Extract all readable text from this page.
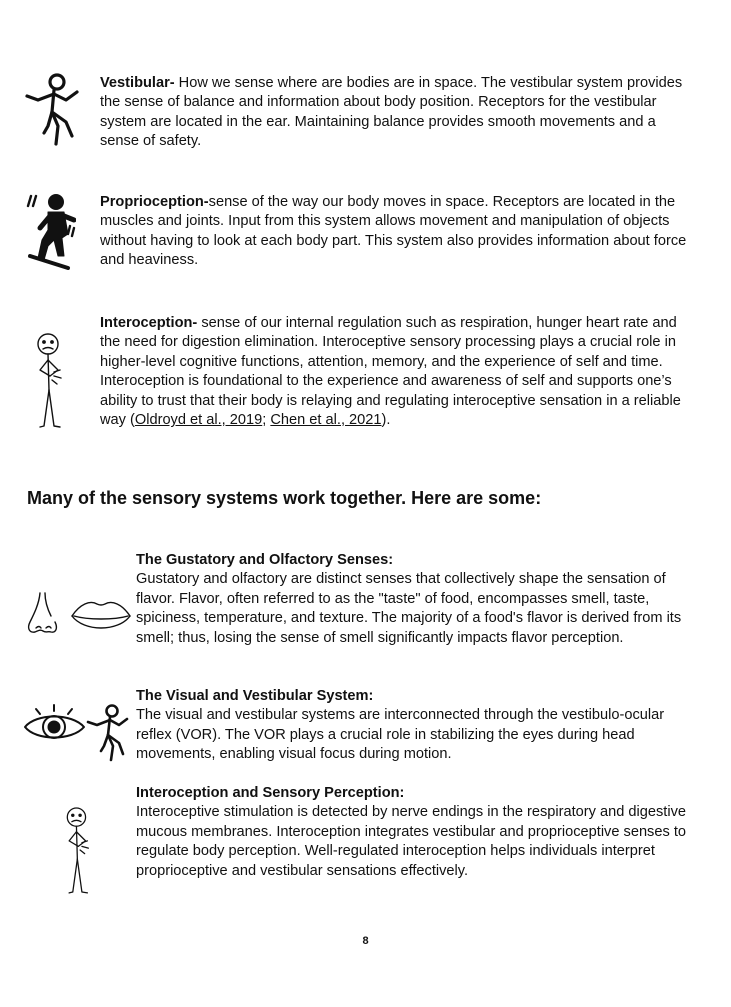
Vestibular- How we sense where are bodies are in space. The vestibular system provides the sense of balance and information about body position. Receptors for the vestibular system are located in the ear. Maintaining balance provides smooth movements and a sense of safety.

Proprioception-sense of the way our body moves in space. Receptors are located in the muscles and joints. Input from this system allows movement and manipulation of objects without having to look at each body part. This system also provides information about force and heaviness.

Interoception- sense of our internal regulation such as respiration, hunger heart rate and the need for digestion elimination. Interoceptive sensory processing plays a crucial role in higher-level cognitive functions, attention, memory, and the experience of self and time. Interoception is foundational to the experience and awareness of self and supports one’s ability to trust that their body is relaying and regulating interoceptive sensation in a reliable way (Oldroyd et al., 2019; Chen et al., 2021).

Many of the sensory systems work together. Here are some:

The Gustatory and Olfactory Senses:

Gustatory and olfactory are distinct senses that collectively shape the sensation of flavor. Flavor, often referred to as the "taste" of food, encompasses smell, taste, spiciness, temperature, and texture. The majority of a food's flavor is derived from its smell; thus, losing the sense of smell significantly impacts flavor perception.

The Visual and Vestibular System:

The visual and vestibular systems are interconnected through the vestibulo-ocular reflex (VOR). The VOR plays a crucial role in stabilizing the eyes during head movements, enabling visual focus during motion.

Interoception and Sensory Perception:

Interoceptive stimulation is detected by nerve endings in the respiratory and digestive mucous membranes. Interoception integrates vestibular and proprioceptive senses to regulate body perception. Well-regulated interoception helps individuals interpret proprioceptive and vestibular sensations effectively.

8
